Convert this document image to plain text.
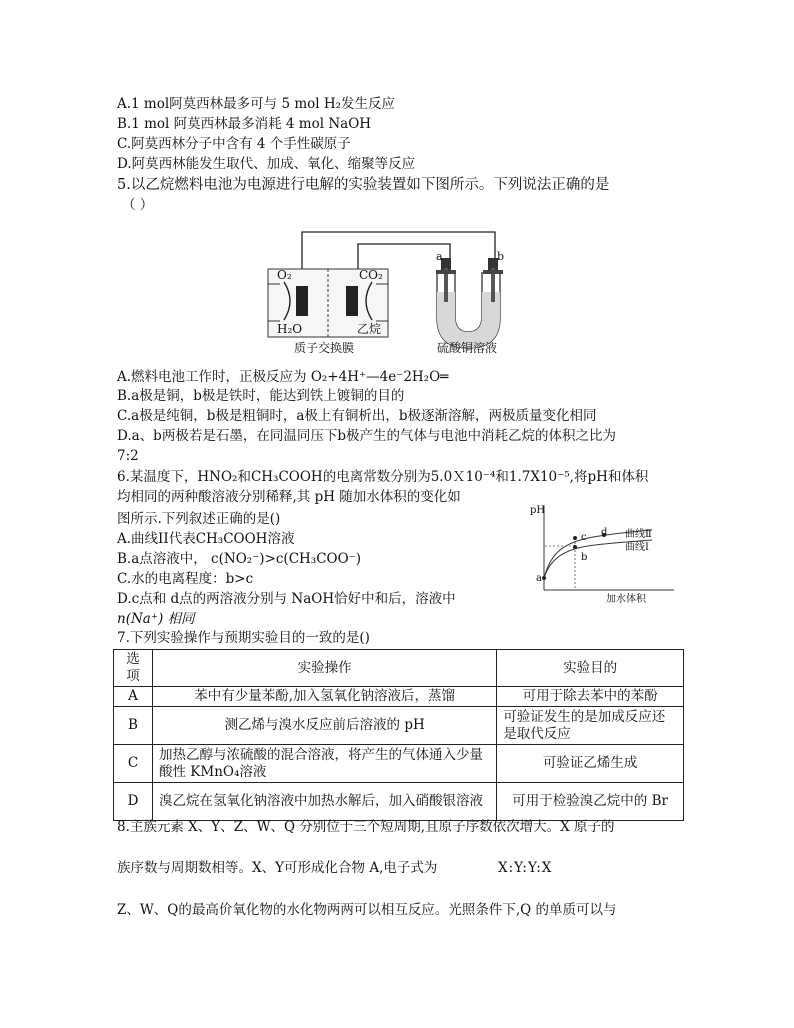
A.1 mol阿莫西林最多可与 5 mol H₂发生反应
B.1 mol 阿莫西林最多消耗 4 mol NaOH
C.阿莫西林分子中含有 4 个手性碳原子
D.阿莫西林能发生取代、加成、氧化、缩聚等反应
5.以乙烷燃料电池为电源进行电解的实验装置如下图所示。下列说法正确的是
（ ）
O₂	CO₂
H₂O	乙烷
质子交换膜	硫酸铜溶液
a	b
A.燃料电池工作时，正极反应为 O₂+4H⁺—4e⁻2H₂O═
B.a极是铜，b极是铁时，能达到铁上镀铜的目的
C.a极是纯铜，b极是粗铜时，a极上有铜析出，b极逐渐溶解，两极质量变化相同
D.a、b两极若是石墨，在同温同压下b极产生的气体与电池中消耗乙烷的体积之比为
7:2
6.某温度下，HNO₂和CH₃COOH的电离常数分别为5.0Ｘ10⁻⁴和1.7X10⁻⁵,将pH和体积
均相同的两种酸溶液分别稀释,其 pH 随加水体积的变化如
图所示.下列叙述正确的是()
A.曲线II代表CH₃COOH溶液
B.a点溶液中， c(NO₂⁻)>c(CH₃COO⁻)
C.水的电离程度：b>c
D.c点和 d点的两溶液分别与 NaOH恰好中和后，溶液中
n(Na⁺) 相同
pH
加水体积
曲线Ⅱ
曲线Ⅰ
a
b
c d
7.下列实验操作与预期实验目的一致的是()
选项	实验操作	实验目的
A	苯中有少量苯酚,加入氢氧化钠溶液后，蒸馏	可用于除去苯中的苯酚
B	测乙烯与溴水反应前后溶液的 pH	可验证发生的是加成反应还是取代反应
C	加热乙醇与浓硫酸的混合溶液，将产生的气体通入少量酸性 KMnO₄溶液	可验证乙烯生成
D	溴乙烷在氢氧化钠溶液中加热水解后，加入硝酸银溶液	可用于检验溴乙烷中的 Br
8.主族元素 X、Y、Z、W、Q 分别位于三个短周期,且原子序数依次增大。X 原子的
族序数与周期数相等。X、Y可形成化合物 A,电子式为	X:Y:Y:X
Z、W、Q的最高价氧化物的水化物两两可以相互反应。光照条件下,Q 的单质可以与
